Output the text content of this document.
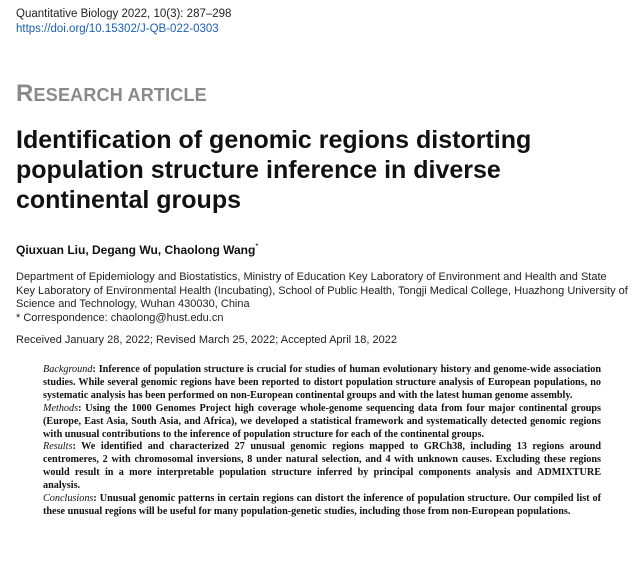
Quantitative Biology 2022, 10(3): 287–298
https://doi.org/10.15302/J-QB-022-0303
RESEARCH ARTICLE
Identification of genomic regions distorting population structure inference in diverse continental groups
Qiuxuan Liu, Degang Wu, Chaolong Wang*
Department of Epidemiology and Biostatistics, Ministry of Education Key Laboratory of Environment and Health and State Key Laboratory of Environmental Health (Incubating), School of Public Health, Tongji Medical College, Huazhong University of Science and Technology, Wuhan 430030, China
* Correspondence: chaolong@hust.edu.cn
Received January 28, 2022; Revised March 25, 2022; Accepted April 18, 2022

Background: Inference of population structure is crucial for studies of human evolutionary history and genome-wide association studies. While several genomic regions have been reported to distort population structure analysis of European populations, no systematic analysis has been performed on non-European continental groups and with the latest human genome assembly.

Methods: Using the 1000 Genomes Project high coverage whole-genome sequencing data from four major continental groups (Europe, East Asia, South Asia, and Africa), we developed a statistical framework and systematically detected genomic regions with unusual contributions to the inference of population structure for each of the continental groups.

Results: We identified and characterized 27 unusual genomic regions mapped to GRCh38, including 13 regions around centromeres, 2 with chromosomal inversions, 8 under natural selection, and 4 with unknown causes. Excluding these regions would result in a more interpretable population structure inferred by principal components analysis and ADMIXTURE analysis.

Conclusions: Unusual genomic patterns in certain regions can distort the inference of population structure. Our compiled list of these unusual regions will be useful for many population-genetic studies, including those from non-European populations.
